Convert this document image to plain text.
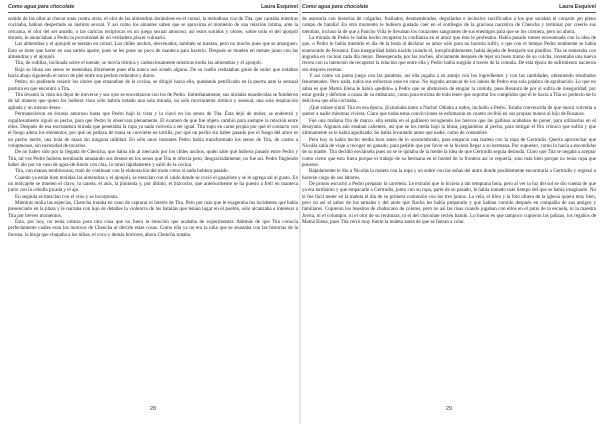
Como agua para chocolate	Laura Esquivel

sonido de las ollas al chocar unas contra otras, el olor de las almendras dorándose en el comal, la melodiosa voz de Tita, que cantaba mientras cocinaba, habían despertado su instinto sexual. Y así como los amantes saben que se aproxima el momento de una relación íntima, ante la cercanía, el olor del ser amado, o las caricias recíprocas en un juego sexual amoroso, así estos sonidos y olores, sobre todo el del ajonjolí dorado, le anunciaban a Pedro la proximidad de un verdadero placer culinario.

Las almendras y el ajonjolí se tuestan en comal. Los chiles anchos, desvenados, también se tuestan, pero no mucho pues que se amarguen. Esto se tiene que hacer en una sartén aparte, pues se les pone un poco de manteca para hacerlo. Después se muelen en metate junto con las almendras y el ajonjolí.

Tita, de rodillas, inclinada sobre el metate, se movía rítmica y cadenciosamente mientras molía las almendras y el ajonjolí.

Bajo su blusa sus senos se meneaban libremente pues ella nunca usó sostén alguno. De su cuello resbalaban gotas de sudor que rodaban hacia abajo siguiendo el surco de piel entre sus pechos redondos y duros.

Pedro, no pudiendo resistir los olores que emanaban de la cocina, se dirigió hacia ella, quedando petrificado en la puerta ante la sensual postura en que encontró a Tita.

Tita levantó la vista sin dejar de moverse y sus ojos se encontraron con los de Pedro. Inmediatamente, sus miradas enardecidas se fundieron de tal manera que quien los hubiera visto sólo habría notado una sola mirada, un solo movimiento rítmico y sensual, una sola respiración agitada y un mismo deseo.

Permanecieron en éxtasis amoroso hasta que Pedro bajó la vista y la clavó en los senos de Tita. Ésta dejó de moler, se enderezó y orgullosamente irguió su pecho, para que Pedro lo observara plenamente. El examen de que fue objeto cambió para siempre la relación entre ellos. Después de esa escrutadora mirada que penetraba la ropa ya nada volvería a ser igual. Tita supo en carne propia por qué el contacto con el fuego altera los elementos, por qué un pedazo de masa se convierte en tortilla, por qué un pecho sin haber pasado por el fuego del amor es un pecho inerte, una bola de masa sin ninguna utilidad. En sólo unos instantes Pedro había transformado los senos de Tita, de castos a voluptuosos, sin necesidad de tocarlos.

De no haber sido por la llegada de Chencha, que había ido al mercado por los chiles anchos, quién sabe qué hubiera pasado entre Pedro y Tita, tal vez Pedro hubiera terminado amasando sus deseos en los senos que Tita le ofrecía pero, desgraciadamente, no fue así. Pedro fingiendo haber ido por un vaso de agua-de-limón con chía, lo tomó rápidamente y salió de la cocina.

Tita, con manos temblorosas, trató de continuar con la elaboración del mole como si nada hubiera pasado.

Cuando ya están bien molidas las almendras y el ajonjolí, se mezclan con el caldo donde se coció el guajolote y se le agrega sal al gusto. En un molcajete se muelen el clavo, la canela, el anís, la pimienta y, por último, el bizcocho, que anteriormente se ha puesto a freír en manteca junto con la cebolla picada y el ajo.

En seguida se mezclan con el vino y se incorporan.

Mientras molía las especias, Chencha trataba en vano de capturar el interés de Tita. Pero por más que le exageraba los incidentes que había presenciado en la plaza y le narraba con lujo de detalles la violencia de las batallas que tenían lugar en el pueblo, sólo alcanzaba a interesar a Tita por breves momentos.

Ésta, por hoy, no tenía cabeza para otra cosa que no fuera la emoción que acababa de experimentar. Además de que Tita conocía perfectamente cuáles eran los motivos de Chencha al decirle estas cosas. Como ella ya no era la niña que se asustaba con las historias de la llorona, la bruja que chupaba a los niños, el coco y demás horrores, ahora Chencha trataba

28
Como agua para chocolate	Laura Esquivel

de asustarla con historias de colgados, fusilados, desmembrados, degollados e inclusive sacrificados a los que sacaban el corazón ¡en pleno campo de batalla! En otro momento le hubiera gustado caer en el sortilegio de la graciosa narrativa de Chencha y terminar por creerle sus mentiras, incluso la de que a Pancho Villa le llevaban los corazones sangrantes de sus enemigos para que se los comiera, pero no ahora.

La mirada de Pedro le había hecho recuperar la confianza en el amor que éste le profesaba. Había pasado meses envenenada con la idea de que, o Pedro le había mentido el día de la boda al declarar su amor sólo para no hacerla sufrir, o que con el tiempo Pedro realmente se había enamorado de Rosaura. Esta inseguridad había nacido cuando él, inexplicablemente, había dejado de festejarle sus platillos. Tita se esmeraba con angustia en cocinar cada día mejor. Desesperada, por las noches, obviamente después de tejer un buen tramo de su colcha, inventaba una nueva receta con la intención de recuperar la relación que entre ella y Pedro había surgido a través de la comida. De esta época de sufrimiento nacieron sus mejores recetas.

Y así como un poeta juega con las palabras, así ella jugaba a su antojo con los ingredientes y con las cantidades, obteniendo resultados fenomenales. Pero nada, todos sus esfuerzos eran en vano. No lograba arrancar de los labios de Pedro una sola palabra de aprobación. Lo que no sabía es que Mamá Elena le había «pedido» a Pedro que se abstuviera de elogiar la comida, pues Rosaura de por sí sufría de inseguridad, por estar gorda y deforme a causa de su embarazo, como para encima de todo tener que soportar los cumplidos que él le hacía a Tita so pretexto de lo deliciosa que ella cocinaba.

¡Qué solase sintió Tita en esa época, ¡Extrañaba tanto a Nacha! Odiaba a todos, incluido a Pedro. Estaba convencida de que nunca volvería a querer a nadie mientras viviera. Claro que todas estas convicciones se esfumaron en cuanto recibió en sus propias manos al hijo de Rosaura.

Fue una mañana fría de marzo, ella estaba en el gallinero recogiendo los huevos que las gallinas acababan de poner, para utilizarlos en el desayuno. Algunos aún estaban calientes, así que se los metía bajo la blusa, pegándolos al pecho, para mitigar el frío crónico que sufría y que últimamente se le había agudizado. Se había levantado antes que nadie, como de costumbre.

Pero hoy lo había hecho media hora antes de lo acostumbrado, para empacar una maleta con la ropa de Gertrudis. Quería aprovechar que Nicolás salía de viaje a recoger un ganado, para pedirle que por favor se la hiciera llegar a su hermana. Por supuesto, como lo hacía a escondidas de su madre. Tita decidió enviársela pues no se le quitaba de la mente la idea de que Gertrudis seguía desnuda. Claro que Tita se negaba a aceptar como cierto que esto fuera porque el trabajo de su hermana en el burdel de la frontera así lo requería, sino más bien porque no tenía ropa que ponerse.

Rápidamente le dio a Nicolás la maleta con la ropa y un sobre con las señas del antro donde posiblemente encontraría a Gertrudis y regresó a hacerse cargo de sus labores.

De pronto escuchó a Pedro preparar la carretela. Le extrañó que lo hiciera a tan temprana hora, pero al ver la luz del sol se dio cuenta de que ya era tardísimo y que empacarle a Gertrudis, junto con su ropa, parte de su pasado, le había tomado más tiempo del que se había imaginado. No le fue fácil meter en la maleta el día de su primera comunión con los tres juntos. La vela, el libro y la foto afuera de la iglesia quiera muy bien, pero no así el sabor de los tamales y del atole que Nacha les había preparado y que habían comido después en compañía de sus amigos y familiares. Cupieron los huesitos de chabacano de colores, pero no así las risas cuando jugaban con ellos en el patio de la escuela, ni la maestra Jovita, ni el columpio, ni el olor de su recámara, ni el del chocolate recién batido. Lo bueno es que tampoco cupieron las palizas, los regaños de Mamá Elena, pues Tita cerró muy fuerte la maleta antes de que se fueran a colar.

29
